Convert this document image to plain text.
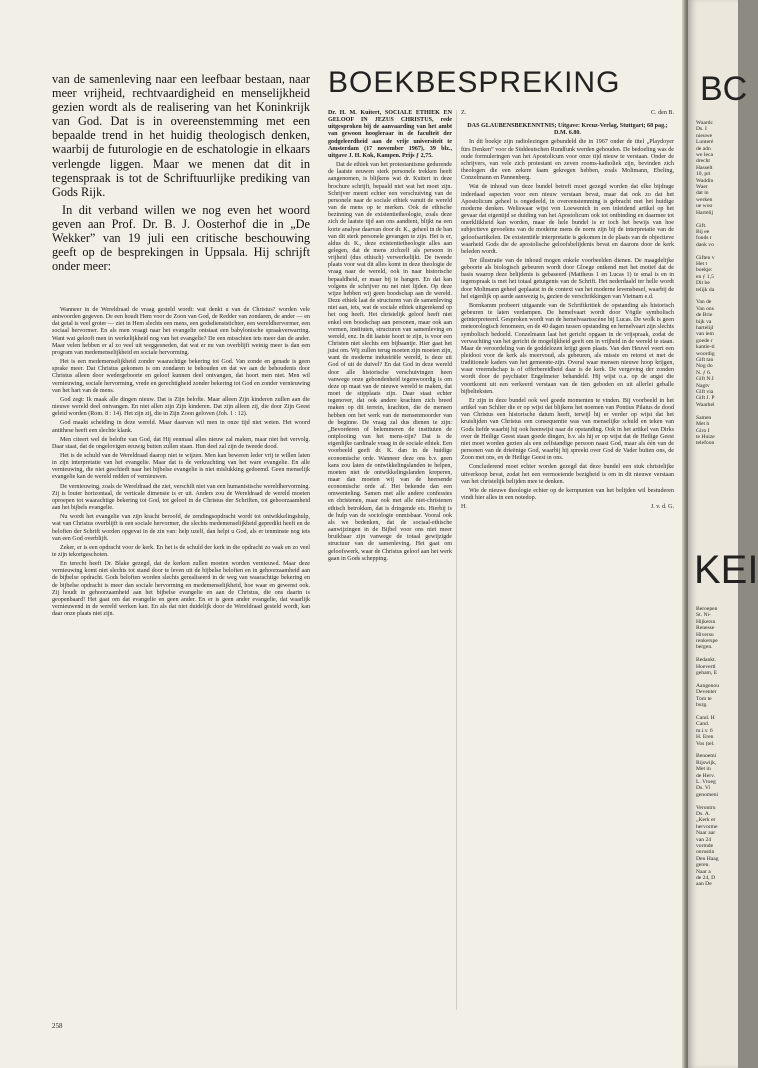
van de samenleving naar een leefbaar bestaan, naar meer vrijheid, rechtvaardigheid en menselijkheid gezien wordt als de realisering van het Koninkrijk van God. Dat is in overeenstemming met een bepaalde trend in het huidig theologisch denken, waarbij de futurologie en de eschatologie in elkaars verlengde liggen. Maar we menen dat dit in tegenspraak is tot de Schriftuurlijke prediking van Gods Rijk.

In dit verband willen we nog even het woord geven aan Prof. Dr. B. J. Oosterhof die in „De Wekker” van 19 juli een critische beschouwing geeft op de besprekingen in Uppsala. Hij schrijft onder meer:

Wanneer in de Wereldraad de vraag gesteld wordt: wat denkt u van de Christus? worden vele antwoorden gegeven. De een houdt Hem voor de Zoon van God, de Redder van zondaren, de ander — en dat getal is veel groter — ziet in Hem slechts een mens, een godsdienststichter, een wereldhervormer, een sociaal hervormer. En als men vraagt naar het evangelie ontstaat een babylonische spraakverwarring. Want wat gelooft men in werkelijkheid nog van het evangelie? De een misschien iets meer dan de ander. Maar velen hebben er al zo veel uit weggesneden, dat wat er nu van overblijft weinig meer is dan een program van medemenselijkheid en sociale hervorming.

Het is een medemenselijkheid zonder waarachtige bekering tot God. Van zonde en genade is geen sprake meer. Dat Christus gekomen is om zondaren te behouden en dat we aan de behoudenis door Christus alleen door wedergeboorte en geloof kunnen deel ontvangen, dat hoort men niet. Men wil vernieuwing, sociale hervorming, vrede en gerechtigheid zonder bekering tot God en zonder vernieuwing van het hart van de mens.

God zegt: Ik maak alle dingen nieuw. Dat is Zijn belofte. Maar alleen Zijn kinderen zullen aan die nieuwe wereld deel ontvangen. En niet allen zijn Zijn kinderen. Dat zijn alleen zij, die door Zijn Geest geleid worden (Rom. 8 : 14). Het zijn zij, die in Zijn Zoon geloven (Joh. 1 : 12).

God maakt scheiding in deze wereld. Maar daarvan wil men in onze tijd niet weten. Het woord antithese heeft een slechte klank.

Men citeert wel de belofte van God, dat Hij eenmaal alles nieuw zal maken, maar niet het vervolg. Daar staat, dat de ongelovigen eeuwig buiten zullen staan. Hun deel zal zijn de tweede dood.

Het is de schuld van de Wereldraad daarop niet te wijzen. Men kan beweren leder vrij te willen laten in zijn interpretatie van het evangelie. Maar dat is de verkrachting van het ware evangelie. En alle vernieuwing, die niet geschiedt naar het bijbelse evangelie is niet mislukking gedoemd. Geen menselijk evangelie kan de wereld redden of vernieuwen.

De vernieuwing, zoals de Wereldraad die ziet, verschilt niet van een humanistische wereldhervorming. Zij is louter horizontaal, de verticale dimensie is er uit. Anders zou de Wereldraad de wereld moeten oproepen tot waarachtige bekering tot God, tot geloof in de Christus der Schriften, tot gehoorzaamheid aan het bijbels evangelie.

Nu wordt het evangelie van zijn kracht beroofd, de zendingsopdracht wordt tot ontwikkelingshulp, wat van Christus overblijft is een sociale hervormer, die slechts medemenselijkheid gepredikt heeft en de beloften der Schrift worden opgevat in de zin van: help uzelf, dan helpt u God, als er tenminste nog iets van een God overblijft.

Zeker, er is een opdracht voor de kerk. En het is de schuld der kerk in die opdracht zo vaak en zo veel te zijn tekortgeschoten.

En terecht heeft Dr. Blake gezegd, dat de kerken zullen moeten worden vernieuwd. Maar deze vernieuwing komt niet slechts tot stand door te leven uit de bijbelse beloften en in gehoorzaamheid aan de bijbelse opdracht. Gods beloften worden slechts gerealiseerd in de weg van waarachtige bekering en de bijbelse opdracht is meer dan sociale hervorming en medemenselijkheid, hoe waar en gewenst ook. Zij houdt in gehoorzaamheid aan het bijbelse evangelie en aan de Christus, die ons daarin is geopenbaard! Het gaat om dat evangelie en geen ander. En er is geen ander evangelie, dat waarlijk vernieuwend in de wereld werken kan. En als dat niet duidelijk door de Wereldraad gesteld wordt, kan daar onze plaats niet zijn.

BOEKBESPREKING

Dr. H. M. Kuitert, SOCIALE ETHIEK EN GELOOF IN JEZUS CHRISTUS, rede uitgesproken bij de aanvaarding van het ambt van gewoon hoogleraar in de faculteit der godgeleerdheid aan de vrije universiteit te Amsterdam (17 november 1967), 39 blz., uitgave J. H. Kok, Kampen. Prijs ƒ 2,75.

Dat de ethiek van het protestantisme gedurende de laatste eeuwen sterk personele trekken heeft aangenomen, is blijkens wat dr. Kuitert in deze brochure schrijft, bepaald niet wat het moet zijn. Schrijver meent echter een verschuiving van de personele naar de sociale ethiek vanuit de wereld van de mens op te merken. Ook de ethische bezinning van de existentietheologie, zoals deze zich de laatste tijd aan ons aandient, blijkt na een korte analyse daarvan door dr. K., geheel in de ban van dit sterk personele gevangen te zijn. Het is er, aldus dr. K., deze existentietheologie alles aan gelegen, dat de mens zichzelf als persoon in vrijheid (dus ethisch) verwerkelijkt. De tweede plaats voor wat dit alles komt in deze theologie de vraag naar de wereld, ook in naar historische bepaaldheid, er maar bij te hangen. En dat kan volgens de schrijver nu net niet lijden. Op deze wijze hebben wij geen boodschap aan de wereld. Deze ethiek laat de structuren van de samenleving niet aan, iets, wat de sociale ethiek uitgerekend op het oog heeft. Het christelijk geloof heeft niet enkel een boodschap aan personen, maar ook aan vormen, instituten, structuren van samenleving en wereld, enz. In dit laatste hoort te zijn, is voor een Christen niet slechts een bijbaantje. Hier gaat het juist om. Wij zullen terug moeten zijn moeten zijn, want de moderne industriële wereld, is deze uit God of uit de duivel? En dat God in deze wereld door alle historische verschuivingen heen vanwege onze gebondenheid tegenwoordig is om deze op maat van de nieuwe wereld te maken, dat moet de stipplaats zijn. Daar staat echter tegenover, dat ook andere krachten zich breed maken op dit terrein, krachten, die de mensen hebben om het werk van de mensenmoorder van de beginne. De vraag zal dus dienen te zijn: „Bevorderen of belemmeren de instituten de ontplooiing van het mens-zijn? Dat is de eigenlijke cardinale vraag in de sociale ethiek. Een voorbeeld geeft dr. K. dan in de huidige economische orde. Wanneer deze ons b.v. geen kans zou laten de ontwikkelingslanden te helpen, moeten niet de ontwikkelingslanden kreperen, maar dan moeten wij van de heersende economische orde af. Het bekende dan een omwenteling. Samen met alle andere confessies en christenen, maar ook met alle niet-christenen ethisch betrokken, dat is dringende eis. Hierbij is de hulp van de sociologie onmisbaar. Vooral ook als we bedenken, dat de sociaal-ethische aanwijzingen in de Bijbel voor ons niet meer bruikbaar zijn vanwege de totaal gewijzigde structuur van de samenleving. Het gaat om geloofswerk, waar de Christus geloof aan het werk gaan in Gods schepping.

Z.	C. den B.

DAS GLAUBENSBEKENNTNIS; Uitgave: Kreuz-Verlag, Stuttgart; 68 pag.; D.M. 6.80.

In dit boekje zijn radiolezingen gebundeld die in 1967 onder de titel „Playdoyer fürs Denken” voor de Süddeutschen Rundfunk werden gehouden. De bedoeling was de oude formuleringen van het Apostolicum voor onze tijd nieuw te verstaan. Onder de schrijvers, van vele zich protestant en zeven rooms-katholiek zijn, bevinden zich theologen die een zekere faam gekregen hebben, zoals Moltmann, Ebeling, Conzelmann en Pannenberg.

Wat de inhoud van deze bundel betreft moet gezegd worden dat elke bijdrage inderdaad aspecten voor een nieuw verstaan bevat, maar dat ook zo dat het Apostolicum geheel is ongedeeld, in overeenstemming is gebracht met het huidige moderne denken. Weliswaar wijst von Loewenich in een inleidend artikel op het gevaar dat eigentijd se duiding van het Apostolicum ook tot ontbinding en daarmee tot onerkliikheid kan worden, maar de hele bundel is er toch het bewijs van hoe subjectieve gevoelens van de moderne mens de norm zijn bij de interpretatie van de geloofsartikelen. De existentiële interpretatie is gekomen in de plaats van de objectieve waarheid Gods die de apostolische geloofsbelijdenis bevat en daarom door de kerk beleden wordt.

Ter illustratie van de inhoud mogen enkele voorbeelden dienen. De maagdelijke geboorte als biologisch gebeuren wordt door Gloege ontkend met het motief dat de basis waarop deze belijdenis is gebaseerd (Mattheus 1 en Lucas 1) te smal is en in tegenspraak is met het totaal getuigenis van de Schrift. Het nederdaald ter helle wordt door Moltmann geheel geplaatst in de context van het moderne levensbesef, waarbij de hel eigenlijk op aarde aanwezig is, gezien de verschrikkingen van Vietnam e.d.

Bornkamm probeert uitgaande van de Schriftkritiek de opstanding als historisch gebeuren te laten verdampen. De hemelvaart wordt door Vögtle symbolisch geïnterpreteerd. Gesproken wordt van de hemelvaartsscène bij Lucas. De wolk is geen meteorologisch fenomeen, en de 40 dagen tussen opstanding en hemelvaart zijn slechts symbolisch bedoeld. Conzelmann laat het gericht opgaan in de vrijspraak, zodat de verwachting van het gericht de mogelijkheid geeft om in vrijheid in de wereld te staan. Maar de veroordeling van de goddelozen krijgt geen plaats. Van den Heuvel voert een pleidooi voor de kerk als meervoud, als gebeuren, als missie en retorst et met de traditionele kaders van het gemeente-zijn. Overal waar mensen nieuwe hoop krijgen, waar vreemdschap is of offerbereidheid daar is de kerk. De vergeving der zonden wordt door de psychiater Engelmeier behandeld. Hij wijst o.a. op de angst die voortkomt uit een verkeerd verstaan van de tien geboden en uit allerlei geballe bijbelteksten.

Er zijn in deze bundel ook wel goede momenten te vinden. Bij voorbeeld in het artikel van Schlier die er op wijst dat blijkens het noemen van Pontius Pilatus de dood van Christus een historische datum heeft, terwijl hij er verder op wijst dat het kruislijden van Christus een consequentie was van menselijke schuld en teken van Gods liefde waarbij hij ook heenwijst naar de opstanding. Ook in het artikel van Dirks over de Heilige Geest staan goede dingen, b.v. als hij er op wijst dat de Heilige Geest niet moet worden gezien als een zelfstandige persoon naast God, maar als één van de personen van de drieënige God, waarbij hij spreekt over God de Vader buiten ons, de Zoon met ons, en de Heilige Geest in ons.

Concluderend moet echter worden gezegd dat deze bundel een stuk christelijke uitverkoop bevat, zodat het een vermoeiende bezigheid is om in dit nieuwe verstaan van het christelijk belijden mee te denken.

Wie de nieuwe theologie echter op de kernpunten van het belijden wil bestuderen vindt hier alles in een notedop.

H.	J. v. d. G.

258
BC
Waardc
Ds. I
nieuwe
Lunteré
de adn
we leca
drecht
Hasselt
10, pri
Waddin
Waer
dat in
werken
ue woo
Hartelij

Gift.
Bij ee
fonds t
dank vo

Giften v
Het t
boekje:
en ƒ 1,5
Dit be
telijk da

Van de
Van ons
de Brie
bijk va
hartelijl
van iem
goede r
kantie-ti
woordig
Gift tan
Nog do
N. ƒ 6.
Gift N.I
Nagtv
Gift via
Gift J. P
Waarhel

Samen
Met h
Giro I
te Huize
telefoon
KEI
Beroepen
St. Ni-
Hijkersn
Renesse
Hiversu
renkerspe
bergen.

Bedankt.
Hoevertl
geham, E

Aangenou
Deventer
Tom te
burg.

Cand. H
Cand.
m.i.v. 6
H. Eren
Vos (tel.

Benoemi
Rijswijk,
Met in
de Herv.
L. Vroeg
Ds. Vi
genomeni

Verontru
Ds. A.
„Kerk er
hervorme
Naar aar
van 24
vormde
onrustin
Den Haag
geren.
Naar a
de 24, D
aan De
